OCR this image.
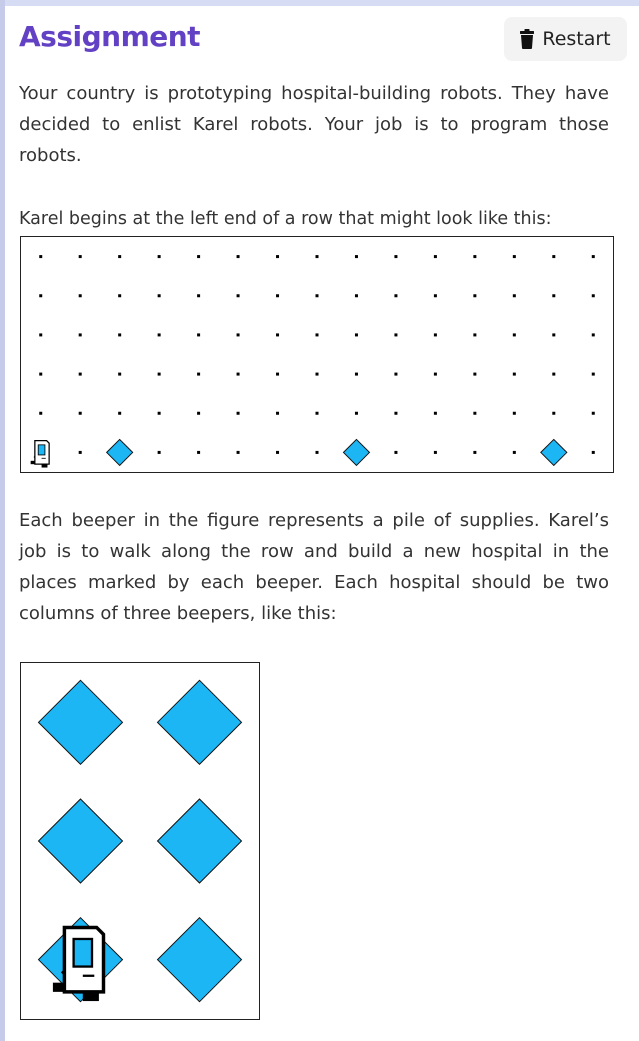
Assignment	Restart

Your country is prototyping hospital-building robots. They have decided to enlist Karel robots. Your job is to program those robots.

Karel begins at the left end of a row that might look like this:

Each beeper in the figure represents a pile of supplies. Karel’s job is to walk along the row and build a new hospital in the places marked by each beeper. Each hospital should be two columns of three beepers, like this:
